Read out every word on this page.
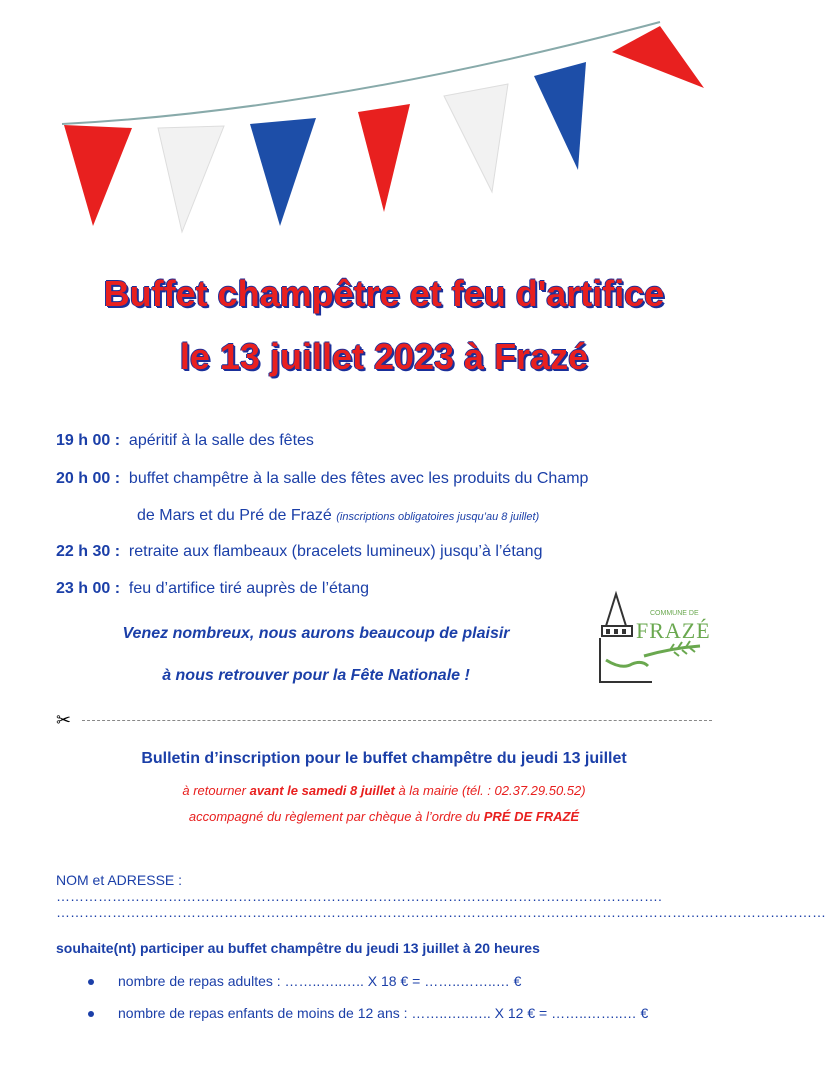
Buffet champêtre et feu d'artifice
le 13 juillet 2023 à Frazé
19 h 00 : apéritif à la salle des fêtes
20 h 00 : buffet champêtre à la salle des fêtes avec les produits du Champ
de Mars et du Pré de Frazé (inscriptions obligatoires jusqu’au 8 juillet)
22 h 30 : retraite aux flambeaux (bracelets lumineux) jusqu’à l’étang
23 h 00 : feu d’artifice tiré auprès de l’étang
Venez nombreux, nous aurons beaucoup de plaisir
à nous retrouver pour la Fête Nationale !
COMMUNE DE
FRAZÉ
✂
Bulletin d’inscription pour le buffet champêtre du jeudi 13 juillet
à retourner avant le samedi 8 juillet à la mairie (tél. : 02.37.29.50.52)
accompagné du règlement par chèque à l’ordre du PRÉ DE FRAZÉ
NOM et ADRESSE : ………………………………………………………………………………………………………………….
…………………………………………………………………………………………………………………………………………………
souhaite(nt) participer au buffet champêtre du jeudi 13 juillet à 20 heures
nombre de repas adultes : ……..…..….. X 18 € = ……..……..… €
nombre de repas enfants de moins de 12 ans : ……..…..….. X 12 € = ……..……..… €
